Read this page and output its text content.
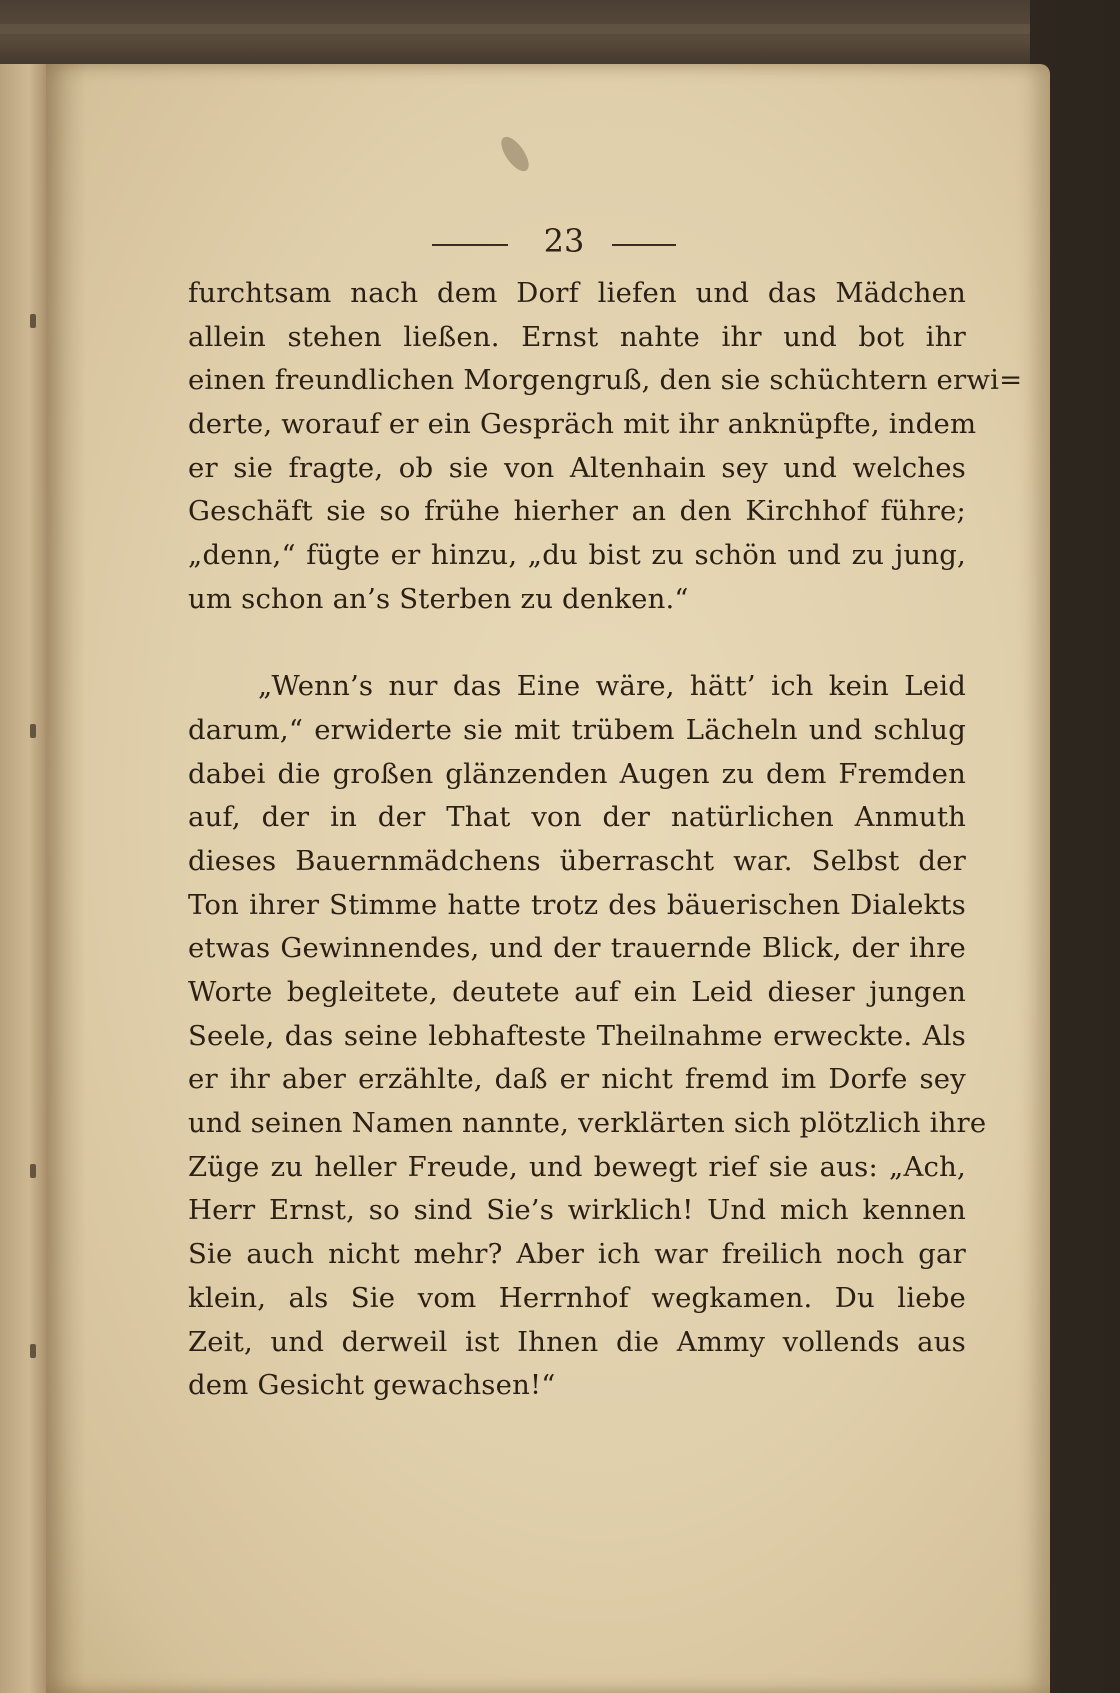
23
furchtsam nach dem Dorf liefen und das Mädchen
allein stehen ließen. Ernst nahte ihr und bot ihr
einen freundlichen Morgengruß, den sie schüchtern erwi=
derte, worauf er ein Gespräch mit ihr anknüpfte, indem
er sie fragte, ob sie von Altenhain sey und welches
Geschäft sie so frühe hierher an den Kirchhof führe;
„denn,“ fügte er hinzu, „du bist zu schön und zu jung,
um schon an’s Sterben zu denken.“
„Wenn’s nur das Eine wäre, hätt’ ich kein Leid
darum,“ erwiderte sie mit trübem Lächeln und schlug
dabei die großen glänzenden Augen zu dem Fremden
auf, der in der That von der natürlichen Anmuth
dieses Bauernmädchens überrascht war. Selbst der
Ton ihrer Stimme hatte trotz des bäuerischen Dialekts
etwas Gewinnendes, und der trauernde Blick, der ihre
Worte begleitete, deutete auf ein Leid dieser jungen
Seele, das seine lebhafteste Theilnahme erweckte. Als
er ihr aber erzählte, daß er nicht fremd im Dorfe sey
und seinen Namen nannte, verklärten sich plötzlich ihre
Züge zu heller Freude, und bewegt rief sie aus: „Ach,
Herr Ernst, so sind Sie’s wirklich! Und mich kennen
Sie auch nicht mehr? Aber ich war freilich noch gar
klein, als Sie vom Herrnhof wegkamen. Du liebe
Zeit, und derweil ist Ihnen die Ammy vollends aus
dem Gesicht gewachsen!“
